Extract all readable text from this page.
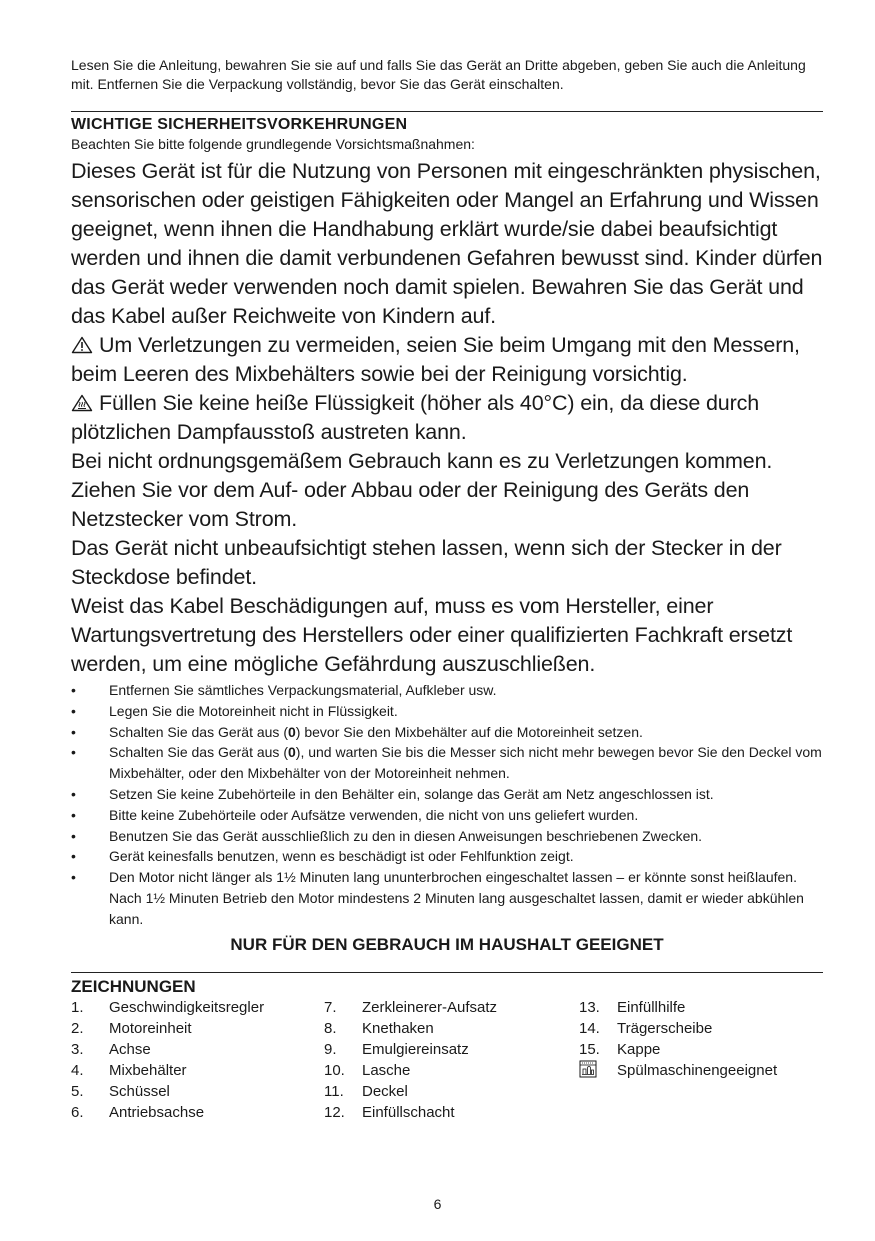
Lesen Sie die Anleitung, bewahren Sie sie auf und falls Sie das Gerät an Dritte abgeben, geben Sie auch die Anleitung mit. Entfernen Sie die Verpackung vollständig, bevor Sie das Gerät einschalten.

WICHTIGE SICHERHEITSVORKEHRUNGEN

Beachten Sie bitte folgende grundlegende Vorsichtsmaßnahmen:

Dieses Gerät ist für die Nutzung von Personen mit eingeschränkten physischen, sensorischen oder geistigen Fähigkeiten oder Mangel an Erfahrung und Wissen geeignet, wenn ihnen die Handhabung erklärt wurde/sie dabei beaufsichtigt werden und ihnen die damit verbundenen Gefahren bewusst sind. Kinder dürfen das Gerät weder verwenden noch damit spielen. Bewahren Sie das Gerät und das Kabel außer Reichweite von Kindern auf.

Um Verletzungen zu vermeiden, seien Sie beim Umgang mit den Messern, beim Leeren des Mixbehälters sowie bei der Reinigung vorsichtig.

Füllen Sie keine heiße Flüssigkeit (höher als 40°C) ein, da diese durch plötzlichen Dampfausstoß austreten kann.

Bei nicht ordnungsgemäßem Gebrauch kann es zu Verletzungen kommen.

Ziehen Sie vor dem Auf- oder Abbau oder der Reinigung des Geräts den Netzstecker vom Strom.

Das Gerät nicht unbeaufsichtigt stehen lassen, wenn sich der Stecker in der Steckdose befindet.

Weist das Kabel Beschädigungen auf, muss es vom Hersteller, einer Wartungsvertretung des Herstellers oder einer qualifizierten Fachkraft ersetzt werden, um eine mögliche Gefährdung auszuschließen.

•	Entfernen Sie sämtliches Verpackungsmaterial, Aufkleber usw.
•	Legen Sie die Motoreinheit nicht in Flüssigkeit.
•	Schalten Sie das Gerät aus (0) bevor Sie den Mixbehälter auf die Motoreinheit setzen.
•	Schalten Sie das Gerät aus (0), und warten Sie bis die Messer sich nicht mehr bewegen bevor Sie den Deckel vom Mixbehälter, oder den Mixbehälter von der Motoreinheit nehmen.
•	Setzen Sie keine Zubehörteile in den Behälter ein, solange das Gerät am Netz angeschlossen ist.
•	Bitte keine Zubehörteile oder Aufsätze verwenden, die nicht von uns geliefert wurden.
•	Benutzen Sie das Gerät ausschließlich zu den in diesen Anweisungen beschriebenen Zwecken.
•	Gerät keinesfalls benutzen, wenn es beschädigt ist oder Fehlfunktion zeigt.
•	Den Motor nicht länger als 1½ Minuten lang ununterbrochen eingeschaltet lassen – er könnte sonst heißlaufen. Nach 1½ Minuten Betrieb den Motor mindestens 2 Minuten lang ausgeschaltet lassen, damit er wieder abkühlen kann.

NUR FÜR DEN GEBRAUCH IM HAUSHALT GEEIGNET

ZEICHNUNGEN

1.	Geschwindigkeitsregler
2.	Motoreinheit
3.	Achse
4.	Mixbehälter
5.	Schüssel
6.	Antriebsachse
7.	Zerkleinerer-Aufsatz
8.	Knethaken
9.	Emulgiereinsatz
10.	Lasche
11.	Deckel
12.	Einfüllschacht
13.	Einfüllhilfe
14.	Trägerscheibe
15.	Kappe
Spülmaschinengeeignet
6
